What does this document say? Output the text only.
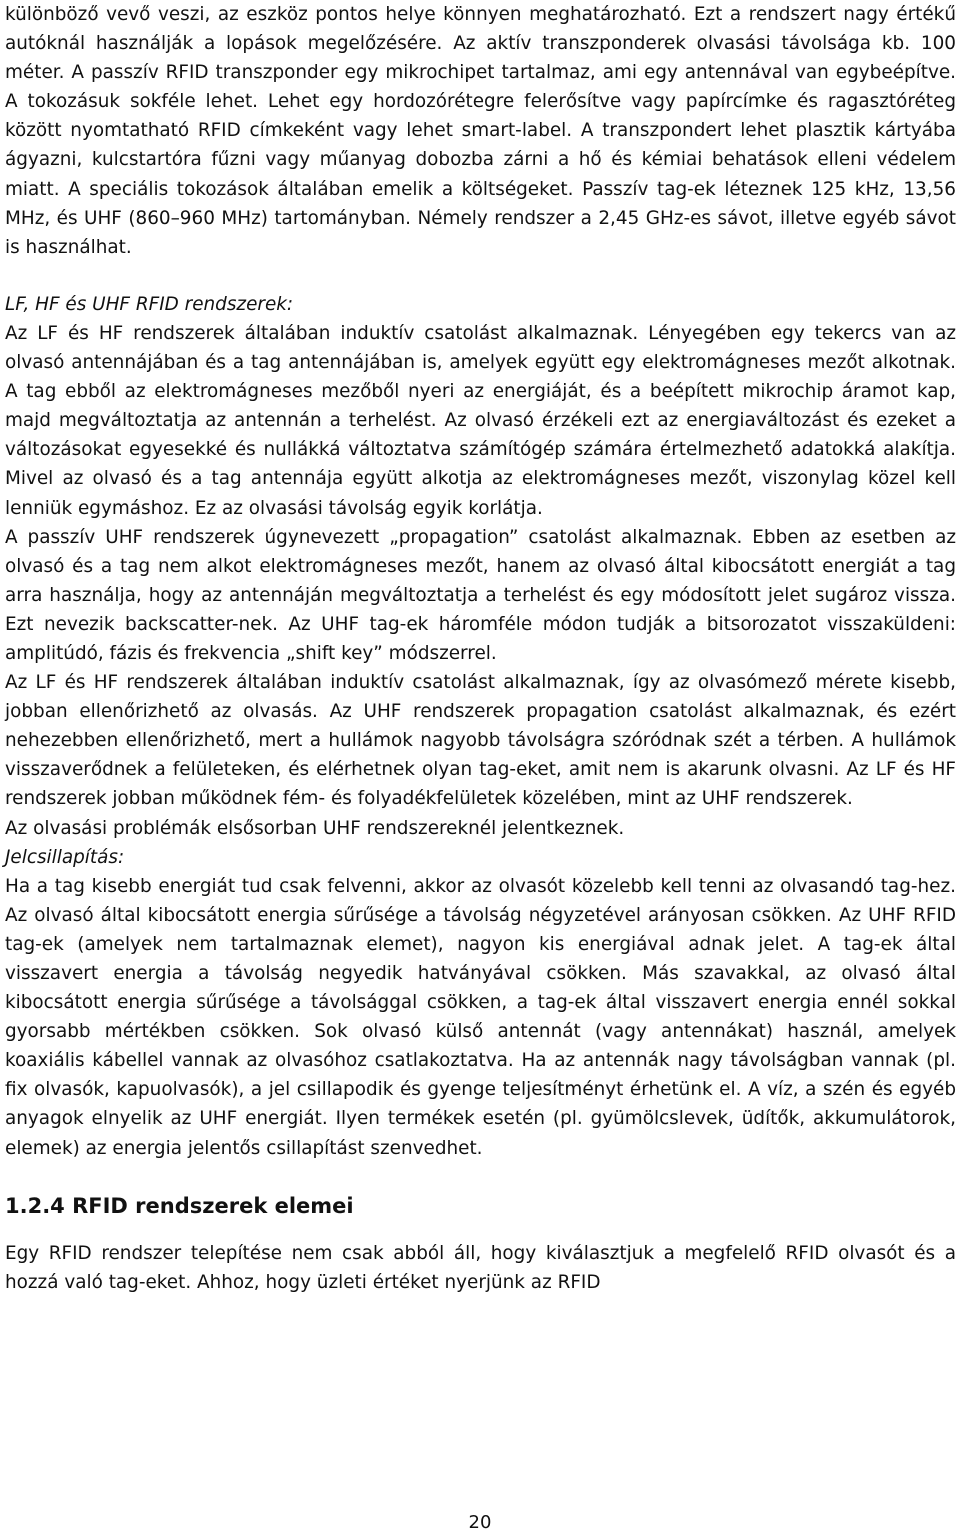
különböző vevő veszi, az eszköz pontos helye könnyen meghatározható. Ezt a rendszert nagy értékű autóknál használják a lopások megelőzésére. Az aktív transzponderek olvasási távolsága kb. 100 méter. A passzív RFID transzponder egy mikrochipet tartalmaz, ami egy antennával van egybeépítve. A tokozásuk sokféle lehet. Lehet egy hordozórétegre felerősítve vagy papírcímke és ragasztóréteg között nyomtatható RFID címkeként vagy lehet smart-label. A transzpondert lehet plasztik kártyába ágyazni, kulcstartóra fűzni vagy műanyag dobozba zárni a hő és kémiai behatások elleni védelem miatt. A speciális tokozások általában emelik a költségeket. Passzív tag-ek léteznek 125 kHz, 13,56 MHz, és UHF (860–960 MHz) tartományban. Némely rendszer a 2,45 GHz-es sávot, illetve egyéb sávot is használhat.

LF, HF és UHF RFID rendszerek:

Az LF és HF rendszerek általában induktív csatolást alkalmaznak. Lényegében egy tekercs van az olvasó antennájában és a tag antennájában is, amelyek együtt egy elektromágneses mezőt alkotnak. A tag ebből az elektromágneses mezőből nyeri az energiáját, és a beépített mikrochip áramot kap, majd megváltoztatja az antennán a terhelést. Az olvasó érzékeli ezt az energiaváltozást és ezeket a változásokat egyesekké és nullákká változtatva számítógép számára értelmezhető adatokká alakítja. Mivel az olvasó és a tag antennája együtt alkotja az elektromágneses mezőt, viszonylag közel kell lenniük egymáshoz. Ez az olvasási távolság egyik korlátja.

A passzív UHF rendszerek úgynevezett „propagation” csatolást alkalmaznak. Ebben az esetben az olvasó és a tag nem alkot elektromágneses mezőt, hanem az olvasó által kibocsátott energiát a tag arra használja, hogy az antennáján megváltoztatja a terhelést és egy módosított jelet sugároz vissza. Ezt nevezik backscatter-nek. Az UHF tag-ek háromféle módon tudják a bitsorozatot visszaküldeni: amplitúdó, fázis és frekvencia „shift key” módszerrel.

Az LF és HF rendszerek általában induktív csatolást alkalmaznak, így az olvasómező mérete kisebb, jobban ellenőrizhető az olvasás. Az UHF rendszerek propagation csatolást alkalmaznak, és ezért nehezebben ellenőrizhető, mert a hullámok nagyobb távolságra szóródnak szét a térben. A hullámok visszaverődnek a felületeken, és elérhetnek olyan tag-eket, amit nem is akarunk olvasni. Az LF és HF rendszerek jobban működnek fém- és folyadékfelületek közelében, mint az UHF rendszerek.

Az olvasási problémák elsősorban UHF rendszereknél jelentkeznek.

Jelcsillapítás:

Ha a tag kisebb energiát tud csak felvenni, akkor az olvasót közelebb kell tenni az olvasandó tag-hez. Az olvasó által kibocsátott energia sűrűsége a távolság négyzetével arányosan csökken. Az UHF RFID tag-ek (amelyek nem tartalmaznak elemet), nagyon kis energiával adnak jelet. A tag-ek által visszavert energia a távolság negyedik hatványával csökken. Más szavakkal, az olvasó által kibocsátott energia sűrűsége a távolsággal csökken, a tag-ek által visszavert energia ennél sokkal gyorsabb mértékben csökken. Sok olvasó külső antennát (vagy antennákat) használ, amelyek koaxiális kábellel vannak az olvasóhoz csatlakoztatva. Ha az antennák nagy távolságban vannak (pl. fix olvasók, kapuolvasók), a jel csillapodik és gyenge teljesítményt érhetünk el. A víz, a szén és egyéb anyagok elnyelik az UHF energiát. Ilyen termékek esetén (pl. gyümölcslevek, üdítők, akkumulátorok, elemek) az energia jelentős csillapítást szenvedhet.

1.2.4 RFID rendszerek elemei

Egy RFID rendszer telepítése nem csak abból áll, hogy kiválasztjuk a megfelelő RFID olvasót és a hozzá való tag-eket. Ahhoz, hogy üzleti értéket nyerjünk az RFID

20
